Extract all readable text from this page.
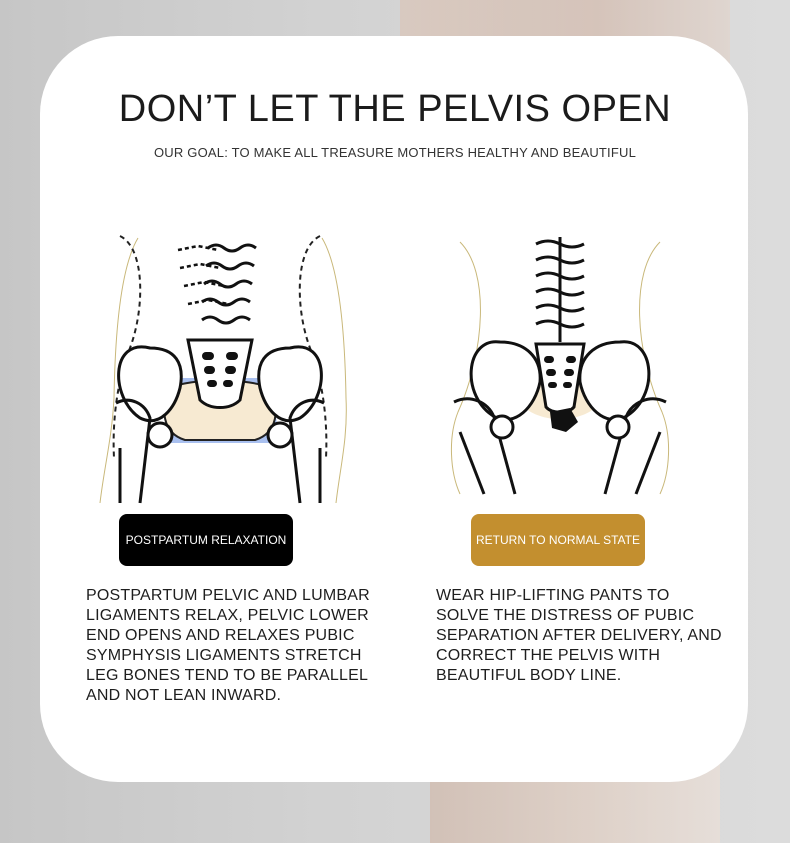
DON’T LET THE PELVIS OPEN
OUR GOAL: TO MAKE ALL TREASURE MOTHERS HEALTHY AND BEAUTIFUL
POSTPARTUM RELAXATION	RETURN TO NORMAL STATE
POSTPARTUM PELVIC AND LUMBAR LIGAMENTS RELAX, PELVIC LOWER END OPENS AND RELAXES PUBIC SYMPHYSIS LIGAMENTS STRETCH LEG BONES TEND TO BE PARALLEL AND NOT LEAN INWARD.
WEAR HIP-LIFTING PANTS TO SOLVE THE DISTRESS OF PUBIC SEPARATION AFTER DELIVERY, AND CORRECT THE PELVIS WITH BEAUTIFUL BODY LINE.
